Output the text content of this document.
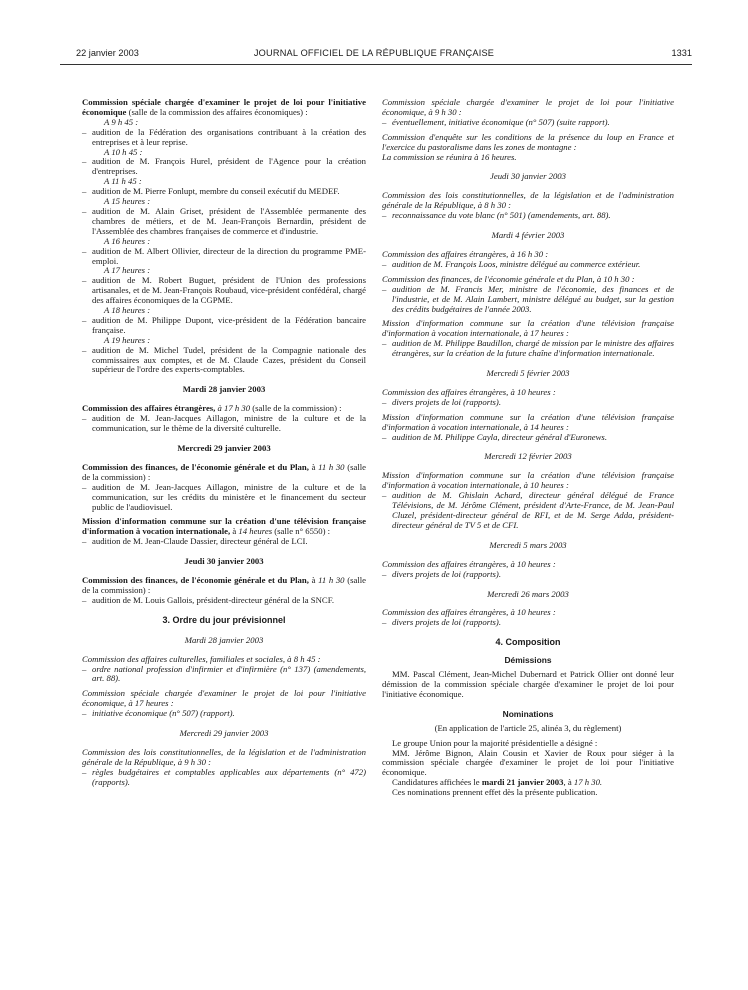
22 janvier 2003	JOURNAL OFFICIEL DE LA RÉPUBLIQUE FRANÇAISE	1331

Commission spéciale chargée d'examiner le projet de loi pour l'initiative économique (salle de la commission des affaires économiques) :

A 9 h 45 :

– audition de la Fédération des organisations contribuant à la création des entreprises et à leur reprise.

A 10 h 45 :

– audition de M. François Hurel, président de l'Agence pour la création d'entreprises.

A 11 h 45 :

– audition de M. Pierre Fonlupt, membre du conseil exécutif du MEDEF.

A 15 heures :

– audition de M. Alain Griset, président de l'Assemblée permanente des chambres de métiers, et de M. Jean-François Bernardin, président de l'Assemblée des chambres françaises de commerce et d'industrie.

A 16 heures :

– audition de M. Albert Ollivier, directeur de la direction du programme PME-emploi.

A 17 heures :

– audition de M. Robert Buguet, président de l'Union des professions artisanales, et de M. Jean-François Roubaud, vice-président confédéral, chargé des affaires économiques de la CGPME.

A 18 heures :

– audition de M. Philippe Dupont, vice-président de la Fédération bancaire française.

A 19 heures :

– audition de M. Michel Tudel, président de la Compagnie nationale des commissaires aux comptes, et de M. Claude Cazes, président du Conseil supérieur de l'ordre des experts-comptables.

Mardi 28 janvier 2003

Commission des affaires étrangères, à 17 h 30 (salle de la commission) :

– audition de M. Jean-Jacques Aillagon, ministre de la culture et de la communication, sur le thème de la diversité culturelle.

Mercredi 29 janvier 2003

Commission des finances, de l'économie générale et du Plan, à 11 h 30 (salle de la commission) :

– audition de M. Jean-Jacques Aillagon, ministre de la culture et de la communication, sur les crédits du ministère et le financement du secteur public de l'audiovisuel.

Mission d'information commune sur la création d'une télévision française d'information à vocation internationale, à 14 heures (salle n° 6550) :

– audition de M. Jean-Claude Dassier, directeur général de LCI.

Jeudi 30 janvier 2003

Commission des finances, de l'économie générale et du Plan, à 11 h 30 (salle de la commission) :

– audition de M. Louis Gallois, président-directeur général de la SNCF.

3. Ordre du jour prévisionnel

Mardi 28 janvier 2003

Commission des affaires culturelles, familiales et sociales, à 8 h 45 :

– ordre national profession d'infirmier et d'infirmière (n° 137) (amendements, art. 88).

Commission spéciale chargée d'examiner le projet de loi pour l'initiative économique, à 17 heures :

– initiative économique (n° 507) (rapport).

Mercredi 29 janvier 2003

Commission des lois constitutionnelles, de la législation et de l'administration générale de la République, à 9 h 30 :

– règles budgétaires et comptables applicables aux départements (n° 472) (rapports).

Commission spéciale chargée d'examiner le projet de loi pour l'initiative économique, à 9 h 30 :

– éventuellement, initiative économique (n° 507) (suite rapport).

Commission d'enquête sur les conditions de la présence du loup en France et l'exercice du pastoralisme dans les zones de montagne :

La commission se réunira à 16 heures.

Jeudi 30 janvier 2003

Commission des lois constitutionnelles, de la législation et de l'administration générale de la République, à 8 h 30 :

– reconnaissance du vote blanc (n° 501) (amendements, art. 88).

Mardi 4 février 2003

Commission des affaires étrangères, à 16 h 30 :

– audition de M. François Loos, ministre délégué au commerce extérieur.

Commission des finances, de l'économie générale et du Plan, à 10 h 30 :

– audition de M. Francis Mer, ministre de l'économie, des finances et de l'industrie, et de M. Alain Lambert, ministre délégué au budget, sur la gestion des crédits budgétaires de l'année 2003.

Mission d'information commune sur la création d'une télévision française d'information à vocation internationale, à 17 heures :

– audition de M. Philippe Baudillon, chargé de mission par le ministre des affaires étrangères, sur la création de la future chaîne d'information internationale.

Mercredi 5 février 2003

Commission des affaires étrangères, à 10 heures :

– divers projets de loi (rapports).

Mission d'information commune sur la création d'une télévision française d'information à vocation internationale, à 14 heures :

– audition de M. Philippe Cayla, directeur général d'Euronews.

Mercredi 12 février 2003

Mission d'information commune sur la création d'une télévision française d'information à vocation internationale, à 10 heures :

– audition de M. Ghislain Achard, directeur général délégué de France Télévisions, de M. Jérôme Clément, président d'Arte-France, de M. Jean-Paul Cluzel, président-directeur général de RFI, et de M. Serge Adda, président-directeur général de TV 5 et de CFI.

Mercredi 5 mars 2003

Commission des affaires étrangères, à 10 heures :

– divers projets de loi (rapports).

Mercredi 26 mars 2003

Commission des affaires étrangères, à 10 heures :

– divers projets de loi (rapports).

4. Composition

Démissions

MM. Pascal Clément, Jean-Michel Dubernard et Patrick Ollier ont donné leur démission de la commission spéciale chargée d'examiner le projet de loi pour l'initiative économique.

Nominations

(En application de l'article 25, alinéa 3, du règlement)

Le groupe Union pour la majorité présidentielle a désigné :

MM. Jérôme Bignon, Alain Cousin et Xavier de Roux pour siéger à la commission spéciale chargée d'examiner le projet de loi pour l'initiative économique.

Candidatures affichées le mardi 21 janvier 2003, à 17 h 30.

Ces nominations prennent effet dès la présente publication.
